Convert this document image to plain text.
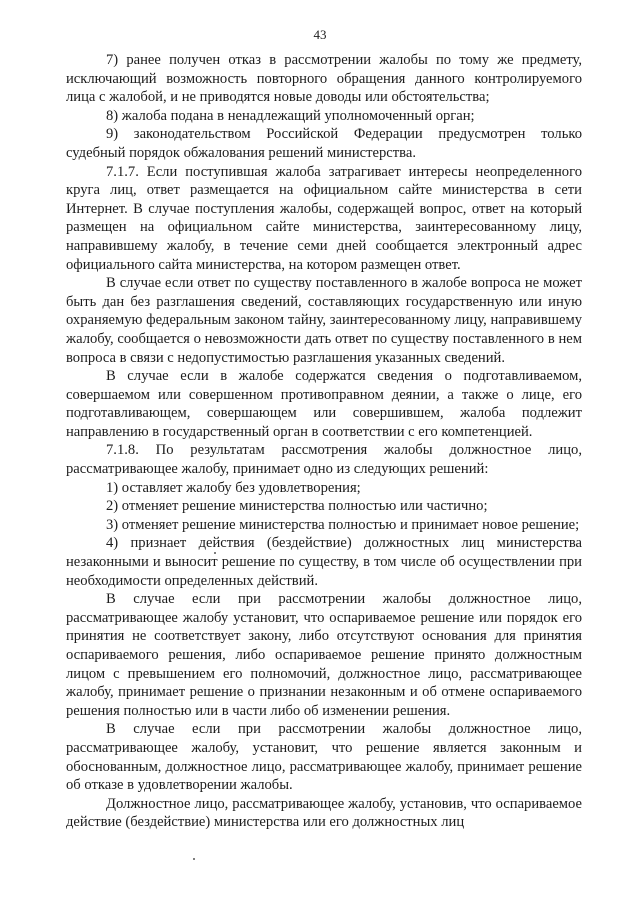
43

7) ранее получен отказ в рассмотрении жалобы по тому же предмету, исключающий возможность повторного обращения данного контролируемого лица с жалобой, и не приводятся новые доводы или обстоятельства;

8) жалоба подана в ненадлежащий уполномоченный орган;

9) законодательством Российской Федерации предусмотрен только судебный порядок обжалования решений министерства.

7.1.7. Если поступившая жалоба затрагивает интересы неопределенного круга лиц, ответ размещается на официальном сайте министерства в сети Интернет. В случае поступления жалобы, содержащей вопрос, ответ на который размещен на официальном сайте министерства, заинтересованному лицу, направившему жалобу, в течение семи дней сообщается электронный адрес официального сайта министерства, на котором размещен ответ.

В случае если ответ по существу поставленного в жалобе вопроса не может быть дан без разглашения сведений, составляющих государственную или иную охраняемую федеральным законом тайну, заинтересованному лицу, направившему жалобу, сообщается о невозможности дать ответ по существу поставленного в нем вопроса в связи с недопустимостью разглашения указанных сведений.

В случае если в жалобе содержатся сведения о подготавливаемом, совершаемом или совершенном противоправном деянии, а также о лице, его подготавливающем, совершающем или совершившем, жалоба подлежит направлению в государственный орган в соответствии с его компетенцией.

7.1.8. По результатам рассмотрения жалобы должностное лицо, рассматривающее жалобу, принимает одно из следующих решений:

1) оставляет жалобу без удовлетворения;

2) отменяет решение министерства полностью или частично;

3) отменяет решение министерства полностью и принимает новое решение;

4) признает действия (бездействие) должностных лиц министерства незаконными и выносит решение по существу, в том числе об осуществлении при необходимости определенных действий.

В случае если при рассмотрении жалобы должностное лицо, рассматривающее жалобу установит, что оспариваемое решение или порядок его принятия не соответствует закону, либо отсутствуют основания для принятия оспариваемого решения, либо оспариваемое решение принято должностным лицом с превышением его полномочий, должностное лицо, рассматривающее жалобу, принимает решение о признании незаконным и об отмене оспариваемого решения полностью или в части либо об изменении решения.

В случае если при рассмотрении жалобы должностное лицо, рассматривающее жалобу, установит, что решение является законным и обоснованным, должностное лицо, рассматривающее жалобу, принимает решение об отказе в удовлетворении жалобы.

Должностное лицо, рассматривающее жалобу, установив, что оспариваемое действие (бездействие) министерства или его должностных лиц
